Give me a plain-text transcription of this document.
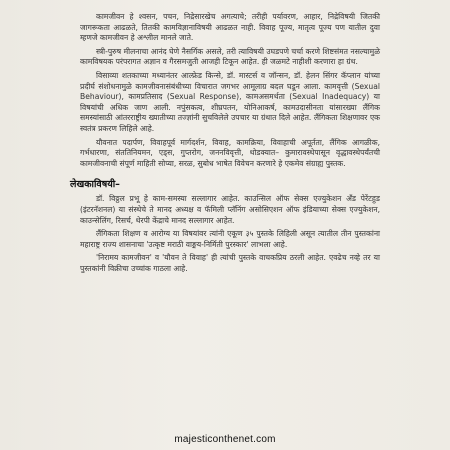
कामजीवन हे श्वसन, पचन, निद्रेसारखेच अगत्याचे; तरीही पर्यावरण, आहार, निद्रेविषयी जितकी जागरूकता आढळते, तितकी कामविज्ञानाविषयी आढळत नाही. विवाह पूज्य, मातृत्व पूज्य पण यातील दुवा म्हणजे कामजीवन हे अश्लील मानले जाते.

स्त्री-पुरुष मीलनाचा आनंद घेणे नैसर्गिक असले, तरी त्याविषयी उघडपणे चर्चा करणे शिष्टसंमत नसल्यामुळे कामविषयक परंपरागत अज्ञान व गैरसमजुती आजही टिकून आहेत. ही जळमटे नाहीशी करणारा हा ग्रंथ.

विसाव्या शतकाच्या मध्यानंतर आल्फ्रेड किन्से, डॉ. मास्टर्स व जॉन्सन, डॉ. हेलन सिंगर कॅप्लान यांच्या प्रदीर्घ संशोधनामुळे कामजीवनासंबंधीच्या विचारात जगभर आमूलाग्र बदल घडून आला. कामवृत्ती (Sexual Behaviour), कामप्रतिसाद (Sexual Response), कामअसमर्थता (Sexual Inadequacy) या विषयांची अधिक जाण आली. नपुंसकत्व, शीघ्रपतन, योनिआकर्ष, कामउदासीनता यांसारख्या लैंगिक समस्यांसाठी आंतरराष्ट्रीय ख्यातीच्या तज्ज्ञांनी सुचविलेले उपचार या ग्रंथात दिले आहेत. लैंगिकता शिक्षणावर एक स्वतंत्र प्रकरण लिहिले आहे.

यौवनात पदार्पण, विवाहपूर्व मार्गदर्शन, विवाह, कामक्रिया, विवाहाची अपूर्तता, लैंगिक आगळीक, गर्भधारणा, संततिनियमन, एड्स, गुप्तरोग, जननविवृत्ती, थोडक्यात– कुमारावस्थेपासून वृद्धावस्थेपर्यंतची कामजीवनाची संपूर्ण माहिती सोप्या, सरळ, सुबोध भाषेत विवेचन करणारे हे एकमेव संग्राह्य पुस्तक.

लेखकाविषयी–

डॉ. विठ्ठल प्रभू हे काम-समस्या सल्लागार आहेत. काउन्सिल ऑफ सेक्स एज्युकेशन अँड पेरेंटहुड (इंटरनॅशनल) या संस्थेचे ते मानद अध्यक्ष व फॅमिली प्लॅनिंग असोसिएशन ऑफ इंडियाच्या सेक्स एज्युकेशन, काउन्सेलिंग, रिसर्च, थेरपी केंद्राचे मानद सल्लागार आहेत.

लैंगिकता शिक्षण व आरोग्य या विषयांवर त्यांनी एकूण ३५ पुस्तके लिहिली असून त्यातील तीन पुस्तकांना महाराष्ट्र राज्य शासनाचा 'उत्कृष्ट मराठी वाङ्मय-निर्मिती पुरस्कार' लाभला आहे.

'निरामय कामजीवन' व 'यौवन ते विवाह' ही त्यांची पुस्तके वाचकप्रिय ठरली आहेत. एवढेच नव्हे तर या पुस्तकांनी विक्रीचा उच्चांक गाठला आहे.

majesticonthenet.com
